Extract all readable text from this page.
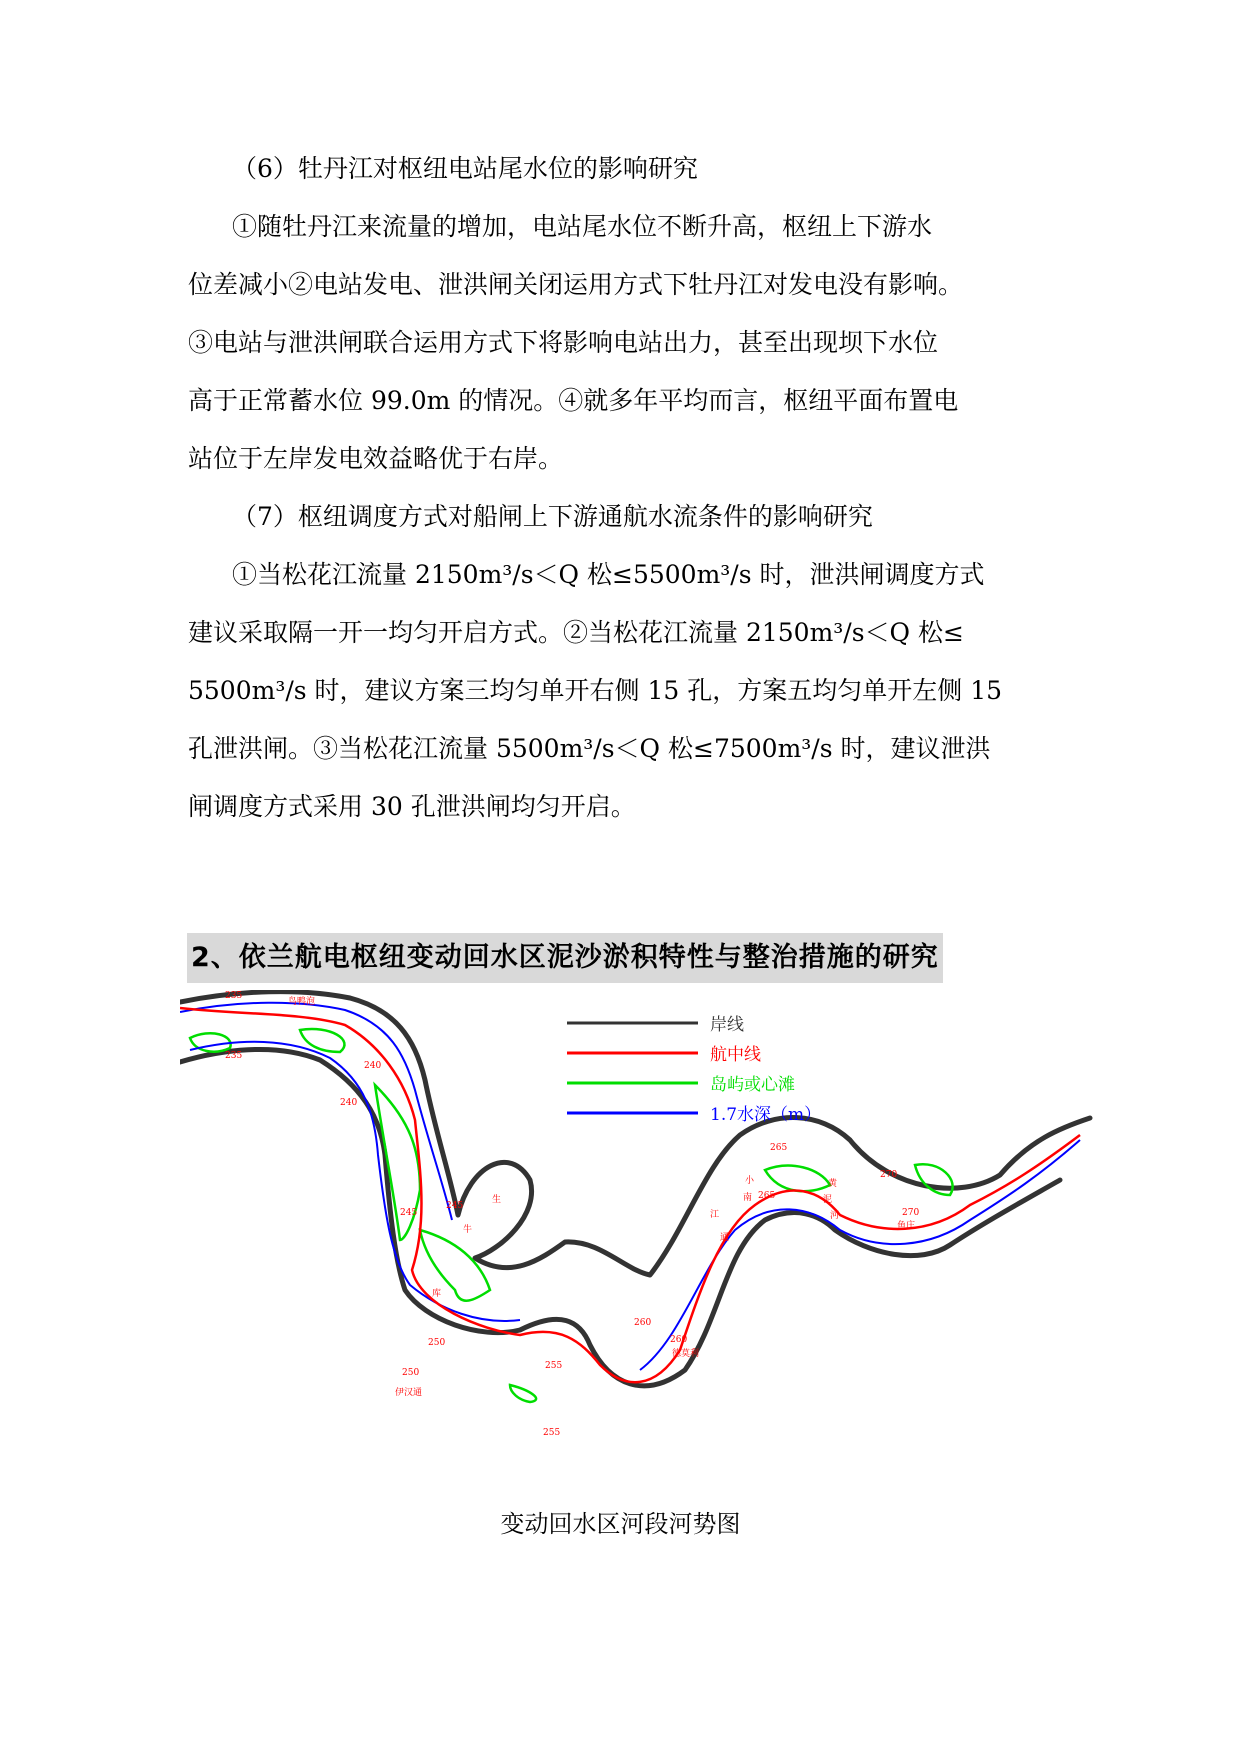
（6）牡丹江对枢纽电站尾水位的影响研究

①随牡丹江来流量的增加，电站尾水位不断升高，枢纽上下游水

位差减小②电站发电、泄洪闸关闭运用方式下牡丹江对发电没有影响。

③电站与泄洪闸联合运用方式下将影响电站出力，甚至出现坝下水位

高于正常蓄水位 99.0m 的情况。④就多年平均而言，枢纽平面布置电

站位于左岸发电效益略优于右岸。

（7）枢纽调度方式对船闸上下游通航水流条件的影响研究

①当松花江流量 2150m³/s＜Q 松≤5500m³/s 时，泄洪闸调度方式

建议采取隔一开一均匀开启方式。②当松花江流量 2150m³/s＜Q 松≤

5500m³/s 时，建议方案三均匀单开右侧 15 孔，方案五均匀单开左侧 15

孔泄洪闸。③当松花江流量 5500m³/s＜Q 松≤7500m³/s 时，建议泄洪

闸调度方式采用 30 孔泄洪闸均匀开启。

2、依兰航电枢纽变动回水区泥沙淤积特性与整治措施的研究
岸线
航中线
岛屿或心滩
1.7水深（m）
235
235
240
240
245
245
250
250
255
255
260
260
265
265
270
270
鸟鸭泡
生
牛
库
伊汉通
江
通
小
南
德莫利
黄
泥
河
鱼庄
变动回水区河段河势图
